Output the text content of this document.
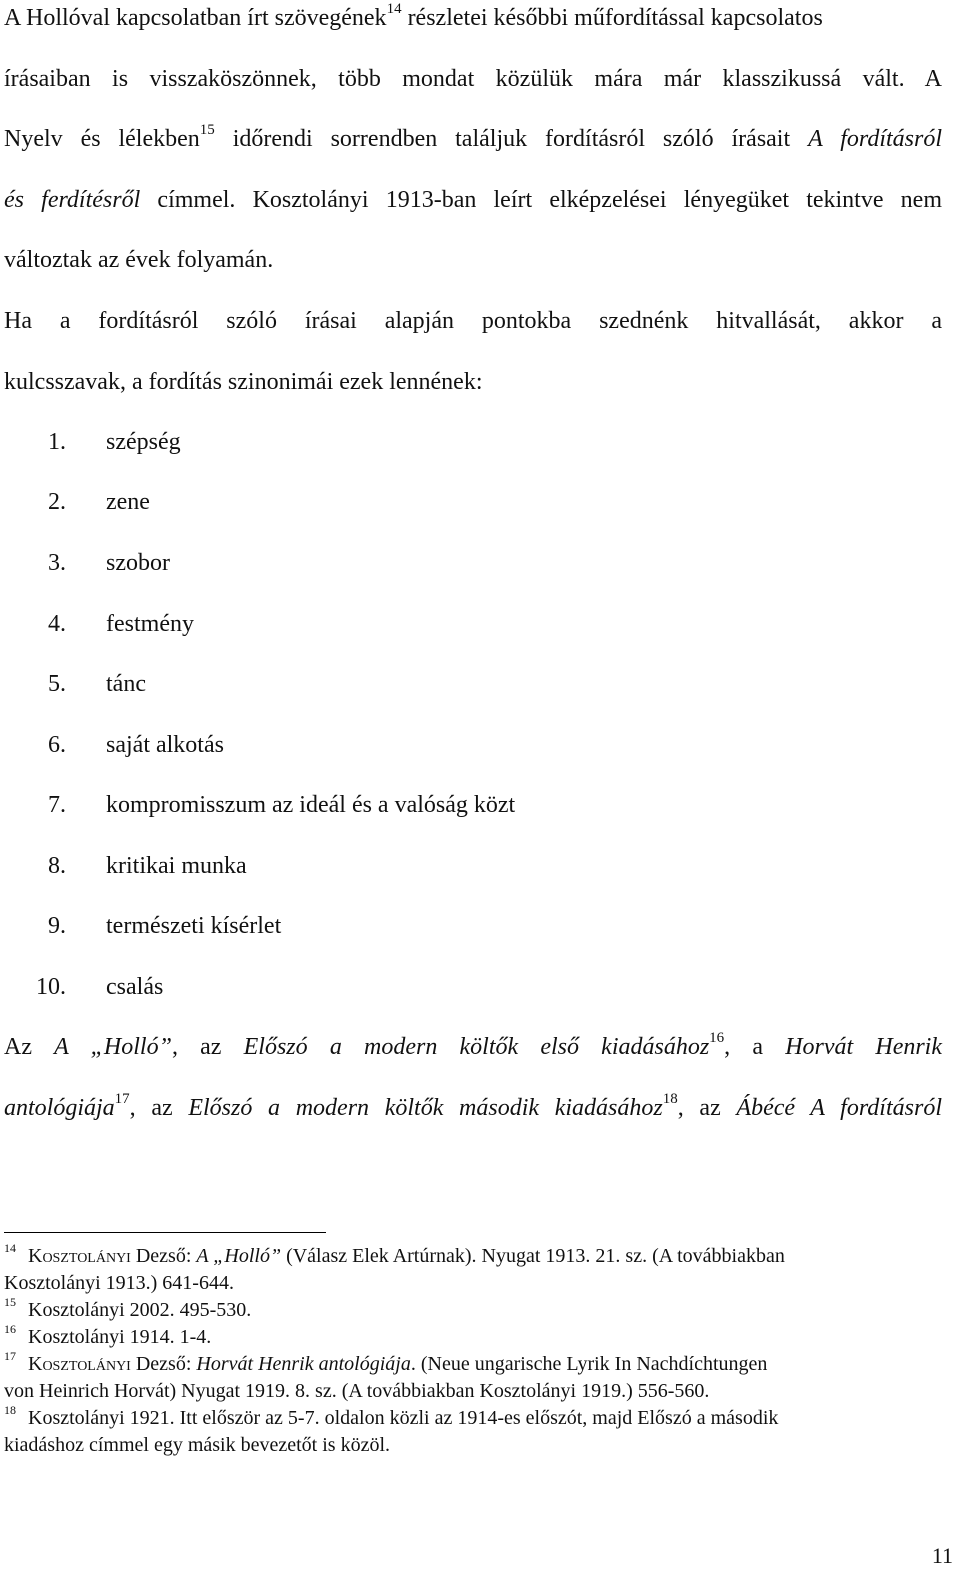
A Hollóval kapcsolatban írt szövegének$^{14}$ részletei későbbi műfordítással kapcsolatos
írásaiban is visszaköszönnek, több mondat közülük mára már klasszikussá vált. A
Nyelv és lélekben$^{15}$ időrendi sorrendben találjuk fordításról szóló írásait A fordításról
és ferdítésről címmel. Kosztolányi 1913-ban leírt elképzelései lényegüket tekintve nem
változtak az évek folyamán.
Ha a fordításról szóló írásai alapján pontokba szednénk hitvallását, akkor a
kulcsszavak, a fordítás szinonimái ezek lennének:
1. szépség
2. zene
3. szobor
4. festmény
5. tánc
6. saját alkotás
7. kompromisszum az ideál és a valóság közt
8. kritikai munka
9. természeti kísérlet
10. csalás
Az A „Holló”, az Előszó a modern költők első kiadásához$^{16}$, a Horvát Henrik
antológiája$^{17}$, az Előszó a modern költők második kiadásához$^{18}$, az Ábécé A fordításról
$^{14}$ Kosztolányi Dezső: A „Holló” (Válasz Elek Artúrnak). Nyugat 1913. 21. sz. (A továbbiakban
Kosztolányi 1913.) 641-644.
$^{15}$ Kosztolányi 2002. 495-530.
$^{16}$ Kosztolányi 1914. 1-4.
$^{17}$ Kosztolányi Dezső: Horvát Henrik antológiája. (Neue ungarische Lyrik In Nachdíchtungen
von Heinrich Horvát) Nyugat 1919. 8. sz. (A továbbiakban Kosztolányi 1919.) 556-560.
$^{18}$ Kosztolányi 1921. Itt először az 5-7. oldalon közli az 1914-es előszót, majd Előszó a második
kiadáshoz címmel egy másik bevezetőt is közöl.
11
